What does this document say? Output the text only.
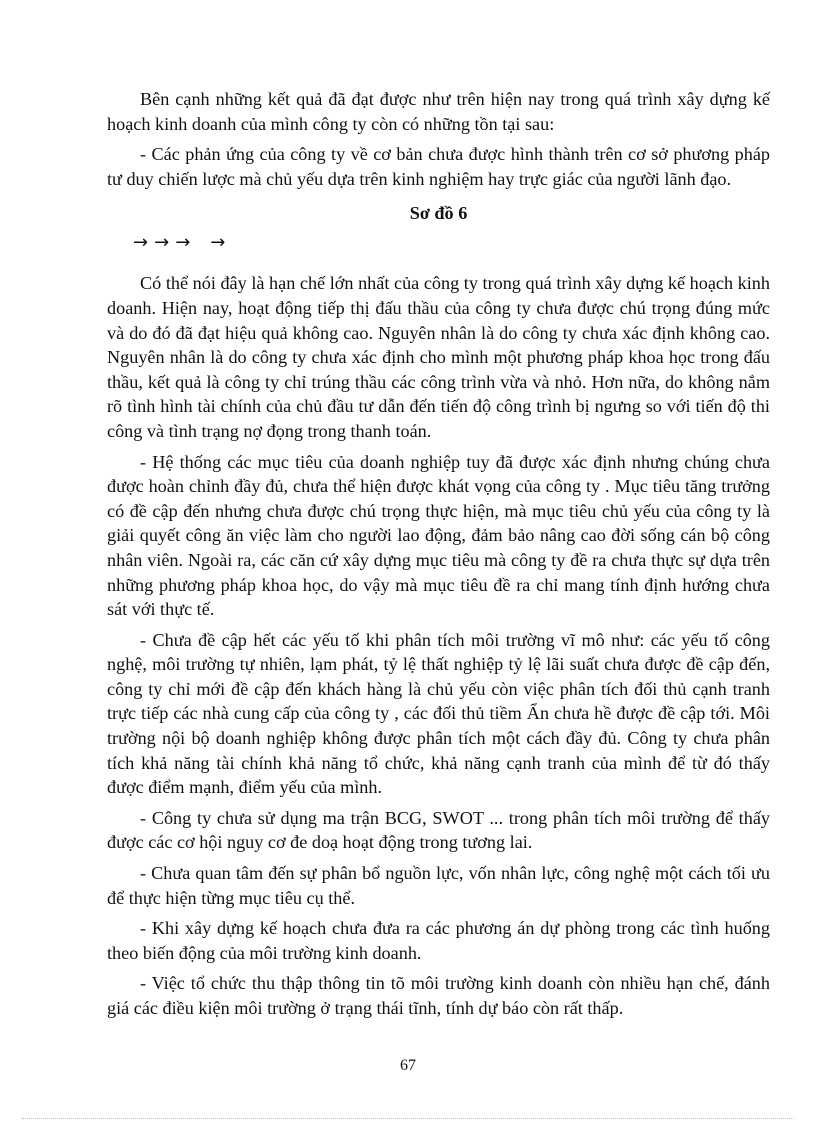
Bên cạnh những kết quả đã đạt được như trên hiện nay trong quá trình xây dựng kế hoạch kinh doanh của mình công ty còn có những tồn tại sau:

- Các phản ứng của công ty về cơ bản chưa được hình thành trên cơ sở phương pháp tư duy chiến lược mà chủ yếu dựa trên kinh nghiệm hay trực giác của người lãnh đạo.

Sơ đồ 6
→ → → →

Có thể nói đây là hạn chế lớn nhất của công ty trong quá trình xây dựng kế hoạch kinh doanh. Hiện nay, hoạt động tiếp thị đấu thầu của công ty chưa được chú trọng đúng mức và do đó đã đạt hiệu quả không cao. Nguyên nhân là do công ty chưa xác định không cao. Nguyên nhân là do công ty chưa xác định cho mình một phương pháp khoa học trong đấu thầu, kết quả là công ty chỉ trúng thầu các công trình vừa và nhỏ. Hơn nữa, do không nắm rõ tình hình tài chính của chủ đầu tư dẫn đến tiến độ công trình bị ngưng so với tiến độ thi công và tình trạng nợ đọng trong thanh toán.

- Hệ thống các mục tiêu của doanh nghiệp tuy đã được xác định nhưng chúng chưa được hoàn chỉnh đầy đủ, chưa thể hiện được khát vọng của công ty . Mục tiêu tăng trưởng có đề cập đến nhưng chưa được chú trọng thực hiện, mà mục tiêu chủ yếu của công ty là giải quyết công ăn việc làm cho người lao động, đảm bảo nâng cao đời sống cán bộ công nhân viên. Ngoài ra, các căn cứ xây dựng mục tiêu mà công ty đề ra chưa thực sự dựa trên những phương pháp khoa học, do vậy mà mục tiêu đề ra chỉ mang tính định hướng chưa sát với thực tế.

- Chưa đề cập hết các yếu tố khi phân tích môi trường vĩ mô như: các yếu tố công nghệ, môi trường tự nhiên, lạm phát, tỷ lệ thất nghiệp tỷ lệ lãi suất chưa được đề cập đến, công ty chỉ mới đề cập đến khách hàng là chủ yếu còn việc phân tích đối thủ cạnh tranh trực tiếp các nhà cung cấp của công ty , các đối thủ tiềm Ẩn chưa hề được đề cập tới. Môi trường nội bộ doanh nghiệp không được phân tích một cách đầy đủ. Công ty chưa phân tích khả năng tài chính khả năng tổ chức, khả năng cạnh tranh của mình để từ đó thấy được điểm mạnh, điểm yếu của mình.

- Công ty chưa sử dụng ma trận BCG, SWOT ... trong phân tích môi trường để thấy được các cơ hội nguy cơ đe doạ hoạt động trong tương lai.

- Chưa quan tâm đến sự phân bổ nguồn lực, vốn nhân lực, công nghệ một cách tối ưu để thực hiện từng mục tiêu cụ thể.

- Khi xây dựng kế hoạch chưa đưa ra các phương án dự phòng trong các tình huống theo biến động của môi trường kinh doanh.

- Việc tổ chức thu thập thông tin tõ môi trường kinh doanh còn nhiều hạn chế, đánh giá các điều kiện môi trường ở trạng thái tĩnh, tính dự báo còn rất thấp.

67
